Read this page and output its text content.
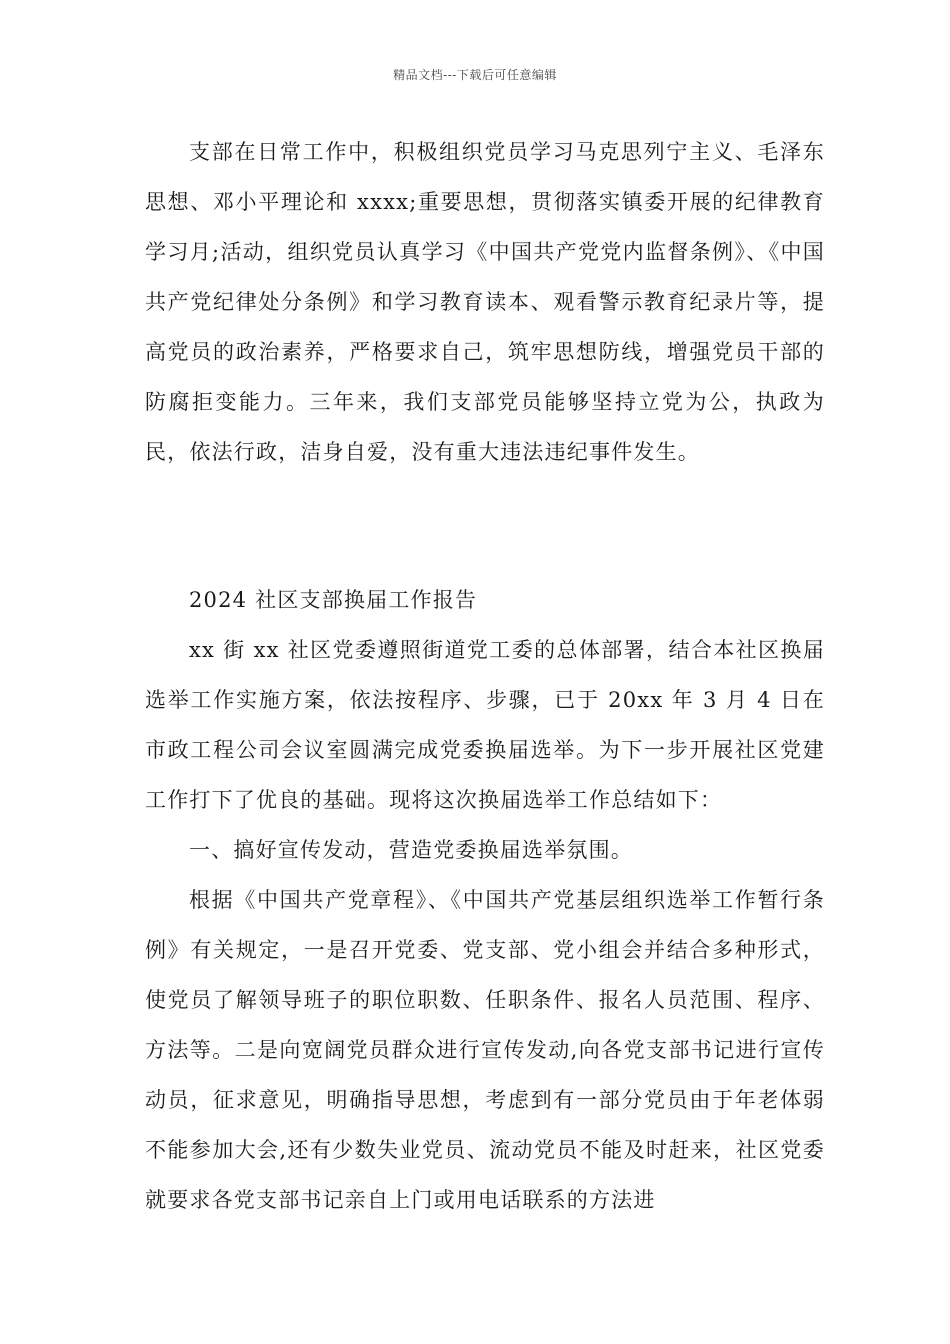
精品文档---下载后可任意编辑

支部在日常工作中，积极组织党员学习马克思列宁主义、毛泽东思想、邓小平理论和 xxxx;重要思想，贯彻落实镇委开展的纪律教育学习月;活动，组织党员认真学习《中国共产党党内监督条例》、《中国共产党纪律处分条例》和学习教育读本、观看警示教育纪录片等，提高党员的政治素养，严格要求自己，筑牢思想防线，增强党员干部的防腐拒变能力。三年来，我们支部党员能够坚持立党为公，执政为民，依法行政，洁身自爱，没有重大违法违纪事件发生。

2024 社区支部换届工作报告

xx 街 xx 社区党委遵照街道党工委的总体部署，结合本社区换届选举工作实施方案，依法按程序、步骤，已于 20xx 年 3 月 4 日在市政工程公司会议室圆满完成党委换届选举。为下一步开展社区党建工作打下了优良的基础。现将这次换届选举工作总结如下：

一、搞好宣传发动，营造党委换届选举氛围。

根据《中国共产党章程》、《中国共产党基层组织选举工作暂行条例》有关规定，一是召开党委、党支部、党小组会并结合多种形式，使党员了解领导班子的职位职数、任职条件、报名人员范围、程序、方法等。二是向宽阔党员群众进行宣传发动,向各党支部书记进行宣传动员，征求意见，明确指导思想，考虑到有一部分党员由于年老体弱不能参加大会,还有少数失业党员、流动党员不能及时赶来，社区党委就要求各党支部书记亲自上门或用电话联系的方法进
